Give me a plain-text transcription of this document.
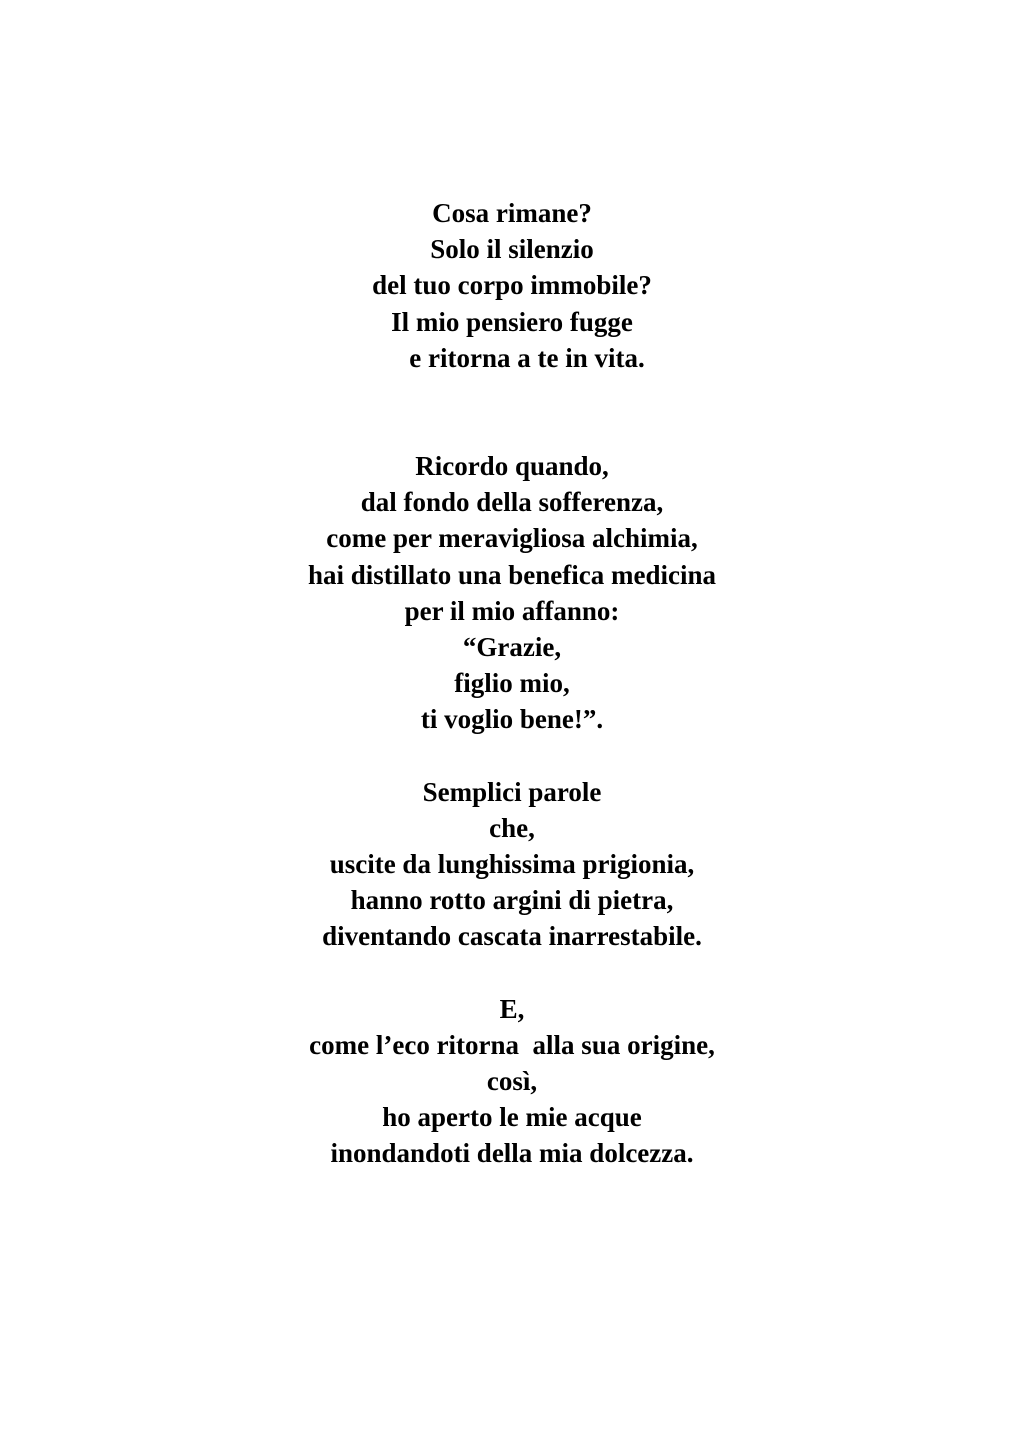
Cosa rimane?
Solo il silenzio
del tuo corpo immobile?
Il mio pensiero fugge
e ritorna a te in vita.
Ricordo quando,
dal fondo della sofferenza,
come per meravigliosa alchimia,
hai distillato una benefica medicina
per il mio affanno:
“Grazie,
figlio mio,
ti voglio bene!”.
Semplici parole
che,
uscite da lunghissima prigionia,
hanno rotto argini di pietra,
diventando cascata inarrestabile.
E,
come l’eco ritorna  alla sua origine,
così,
ho aperto le mie acque
inondandoti della mia dolcezza.
